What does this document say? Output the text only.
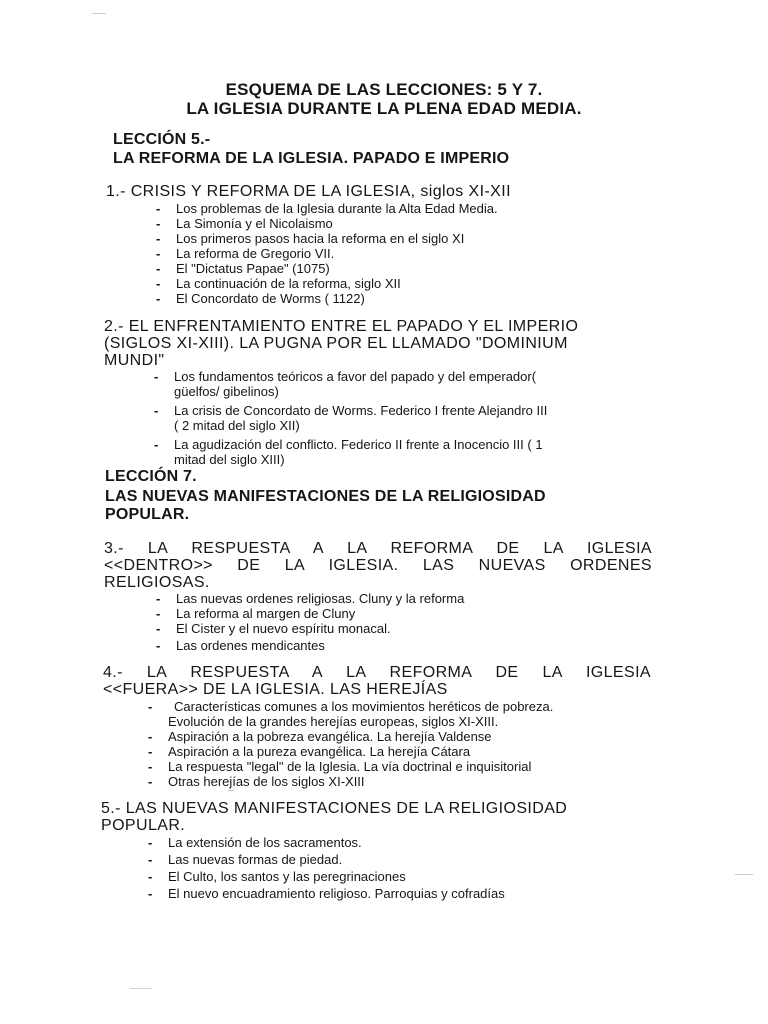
ESQUEMA DE LAS LECCIONES: 5 Y 7.

LA IGLESIA DURANTE LA PLENA EDAD MEDIA.

LECCIÓN 5.-
LA REFORMA DE LA IGLESIA. PAPADO E IMPERIO
1.- CRISIS Y REFORMA DE LA IGLESIA, siglos XI-XII
- Los problemas de la Iglesia durante la Alta Edad Media.
- La Simonía y el Nicolaismo
- Los primeros pasos hacia la reforma en el siglo XI
- La reforma de Gregorio VII.
- El "Dictatus Papae" (1075)
- La continuación de la reforma, siglo XII
- El Concordato de Worms ( 1122)
2.- EL ENFRENTAMIENTO ENTRE EL PAPADO Y EL IMPERIO
(SIGLOS XI-XIII). LA PUGNA POR EL LLAMADO "DOMINIUM
MUNDI"
- Los fundamentos teóricos a favor del papado y del emperador(
güelfos/ gibelinos)
- La crisis de Concordato de Worms. Federico I frente Alejandro III
( 2 mitad del siglo XII)
- La agudización del conflicto. Federico II frente a Inocencio III ( 1
mitad del siglo XIII)
LECCIÓN 7.
LAS NUEVAS MANIFESTACIONES DE LA RELIGIOSIDAD
POPULAR.
3.- LA RESPUESTA A LA REFORMA DE LA IGLESIA
<<DENTRO>> DE LA IGLESIA. LAS NUEVAS ORDENES
RELIGIOSAS.
- Las nuevas ordenes religiosas. Cluny y la reforma
- La reforma al margen de Cluny
- El Cister y el nuevo espíritu monacal.
- Las ordenes mendicantes
4.- LA RESPUESTA A LA REFORMA DE LA IGLESIA
<<FUERA>> DE LA IGLESIA. LAS HEREJÍAS
- Características comunes a los movimientos heréticos de pobreza.
Evolución de la grandes herejías europeas, siglos XI-XIII.
- Aspiración a la pobreza evangélica. La herejía Valdense
- Aspiración a la pureza evangélica. La herejía Cátara
- La respuesta "legal" de la Iglesia. La vía doctrinal e inquisitorial
- Otras herejías de los siglos XI-XIII
5.- LAS NUEVAS MANIFESTACIONES DE LA RELIGIOSIDAD
POPULAR.
- La extensión de los sacramentos.
- Las nuevas formas de piedad.
- El Culto, los santos y las peregrinaciones
- El nuevo encuadramiento religioso. Parroquias y cofradías
